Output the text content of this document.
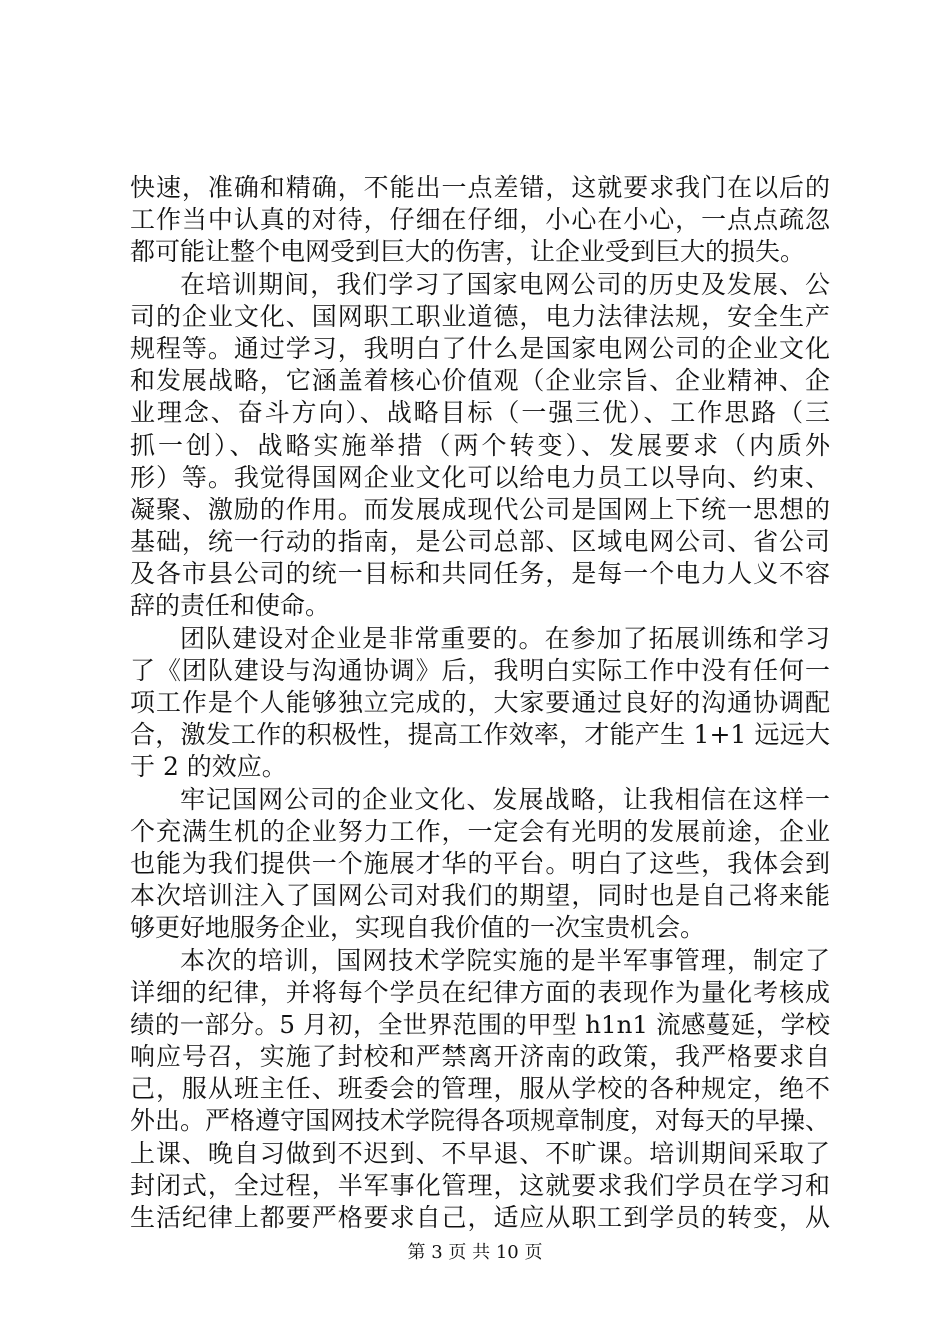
快速，准确和精确，不能出一点差错，这就要求我门在以后的
工作当中认真的对待，仔细在仔细，小心在小心，一点点疏忽
都可能让整个电网受到巨大的伤害，让企业受到巨大的损失。
在培训期间，我们学习了国家电网公司的历史及发展、公
司的企业文化、国网职工职业道德，电力法律法规，安全生产
规程等。通过学习，我明白了什么是国家电网公司的企业文化
和发展战略，它涵盖着核心价值观（企业宗旨、企业精神、企
业理念、奋斗方向）、战略目标（一强三优）、工作思路（三
抓一创）、战略实施举措（两个转变）、发展要求（内质外
形）等。我觉得国网企业文化可以给电力员工以导向、约束、
凝聚、激励的作用。而发展成现代公司是国网上下统一思想的
基础，统一行动的指南，是公司总部、区域电网公司、省公司
及各市县公司的统一目标和共同任务，是每一个电力人义不容
辞的责任和使命。
团队建设对企业是非常重要的。在参加了拓展训练和学习
了《团队建设与沟通协调》后，我明白实际工作中没有任何一
项工作是个人能够独立完成的，大家要通过良好的沟通协调配
合，激发工作的积极性，提高工作效率，才能产生 1+1 远远大
于 2 的效应。
牢记国网公司的企业文化、发展战略，让我相信在这样一
个充满生机的企业努力工作，一定会有光明的发展前途，企业
也能为我们提供一个施展才华的平台。明白了这些，我体会到
本次培训注入了国网公司对我们的期望，同时也是自己将来能
够更好地服务企业，实现自我价值的一次宝贵机会。
本次的培训，国网技术学院实施的是半军事管理，制定了
详细的纪律，并将每个学员在纪律方面的表现作为量化考核成
绩的一部分。5 月初，全世界范围的甲型 h1n1 流感蔓延，学校
响应号召，实施了封校和严禁离开济南的政策，我严格要求自
己，服从班主任、班委会的管理，服从学校的各种规定，绝不
外出。严格遵守国网技术学院得各项规章制度，对每天的早操、
上课、晚自习做到不迟到、不早退、不旷课。培训期间采取了
封闭式，全过程，半军事化管理，这就要求我们学员在学习和
生活纪律上都要严格要求自己，适应从职工到学员的转变，从
第 3 页 共 10 页
